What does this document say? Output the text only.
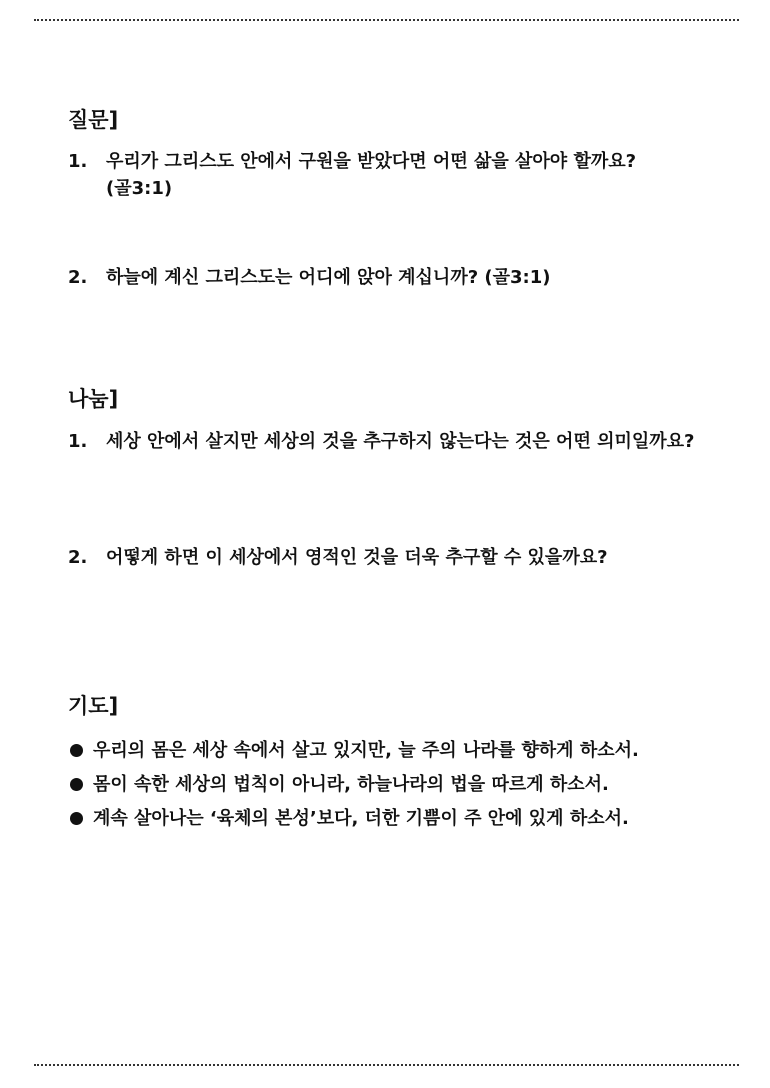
질문]
1.	우리가 그리스도 안에서 구원을 받았다면 어떤 삶을 살아야 할까요? (골3:1)
2.	하늘에 계신 그리스도는 어디에 앉아 계십니까? (골3:1)
나눔]
1.	세상 안에서 살지만 세상의 것을 추구하지 않는다는 것은 어떤 의미일까요?
2.	어떻게 하면 이 세상에서 영적인 것을 더욱 추구할 수 있을까요?
기도]
우리의 몸은 세상 속에서 살고 있지만, 늘 주의 나라를 향하게 하소서.
몸이 속한 세상의 법칙이 아니라, 하늘나라의 법을 따르게 하소서.
계속 살아나는 ‘육체의 본성’보다, 더한 기쁨이 주 안에 있게 하소서.
